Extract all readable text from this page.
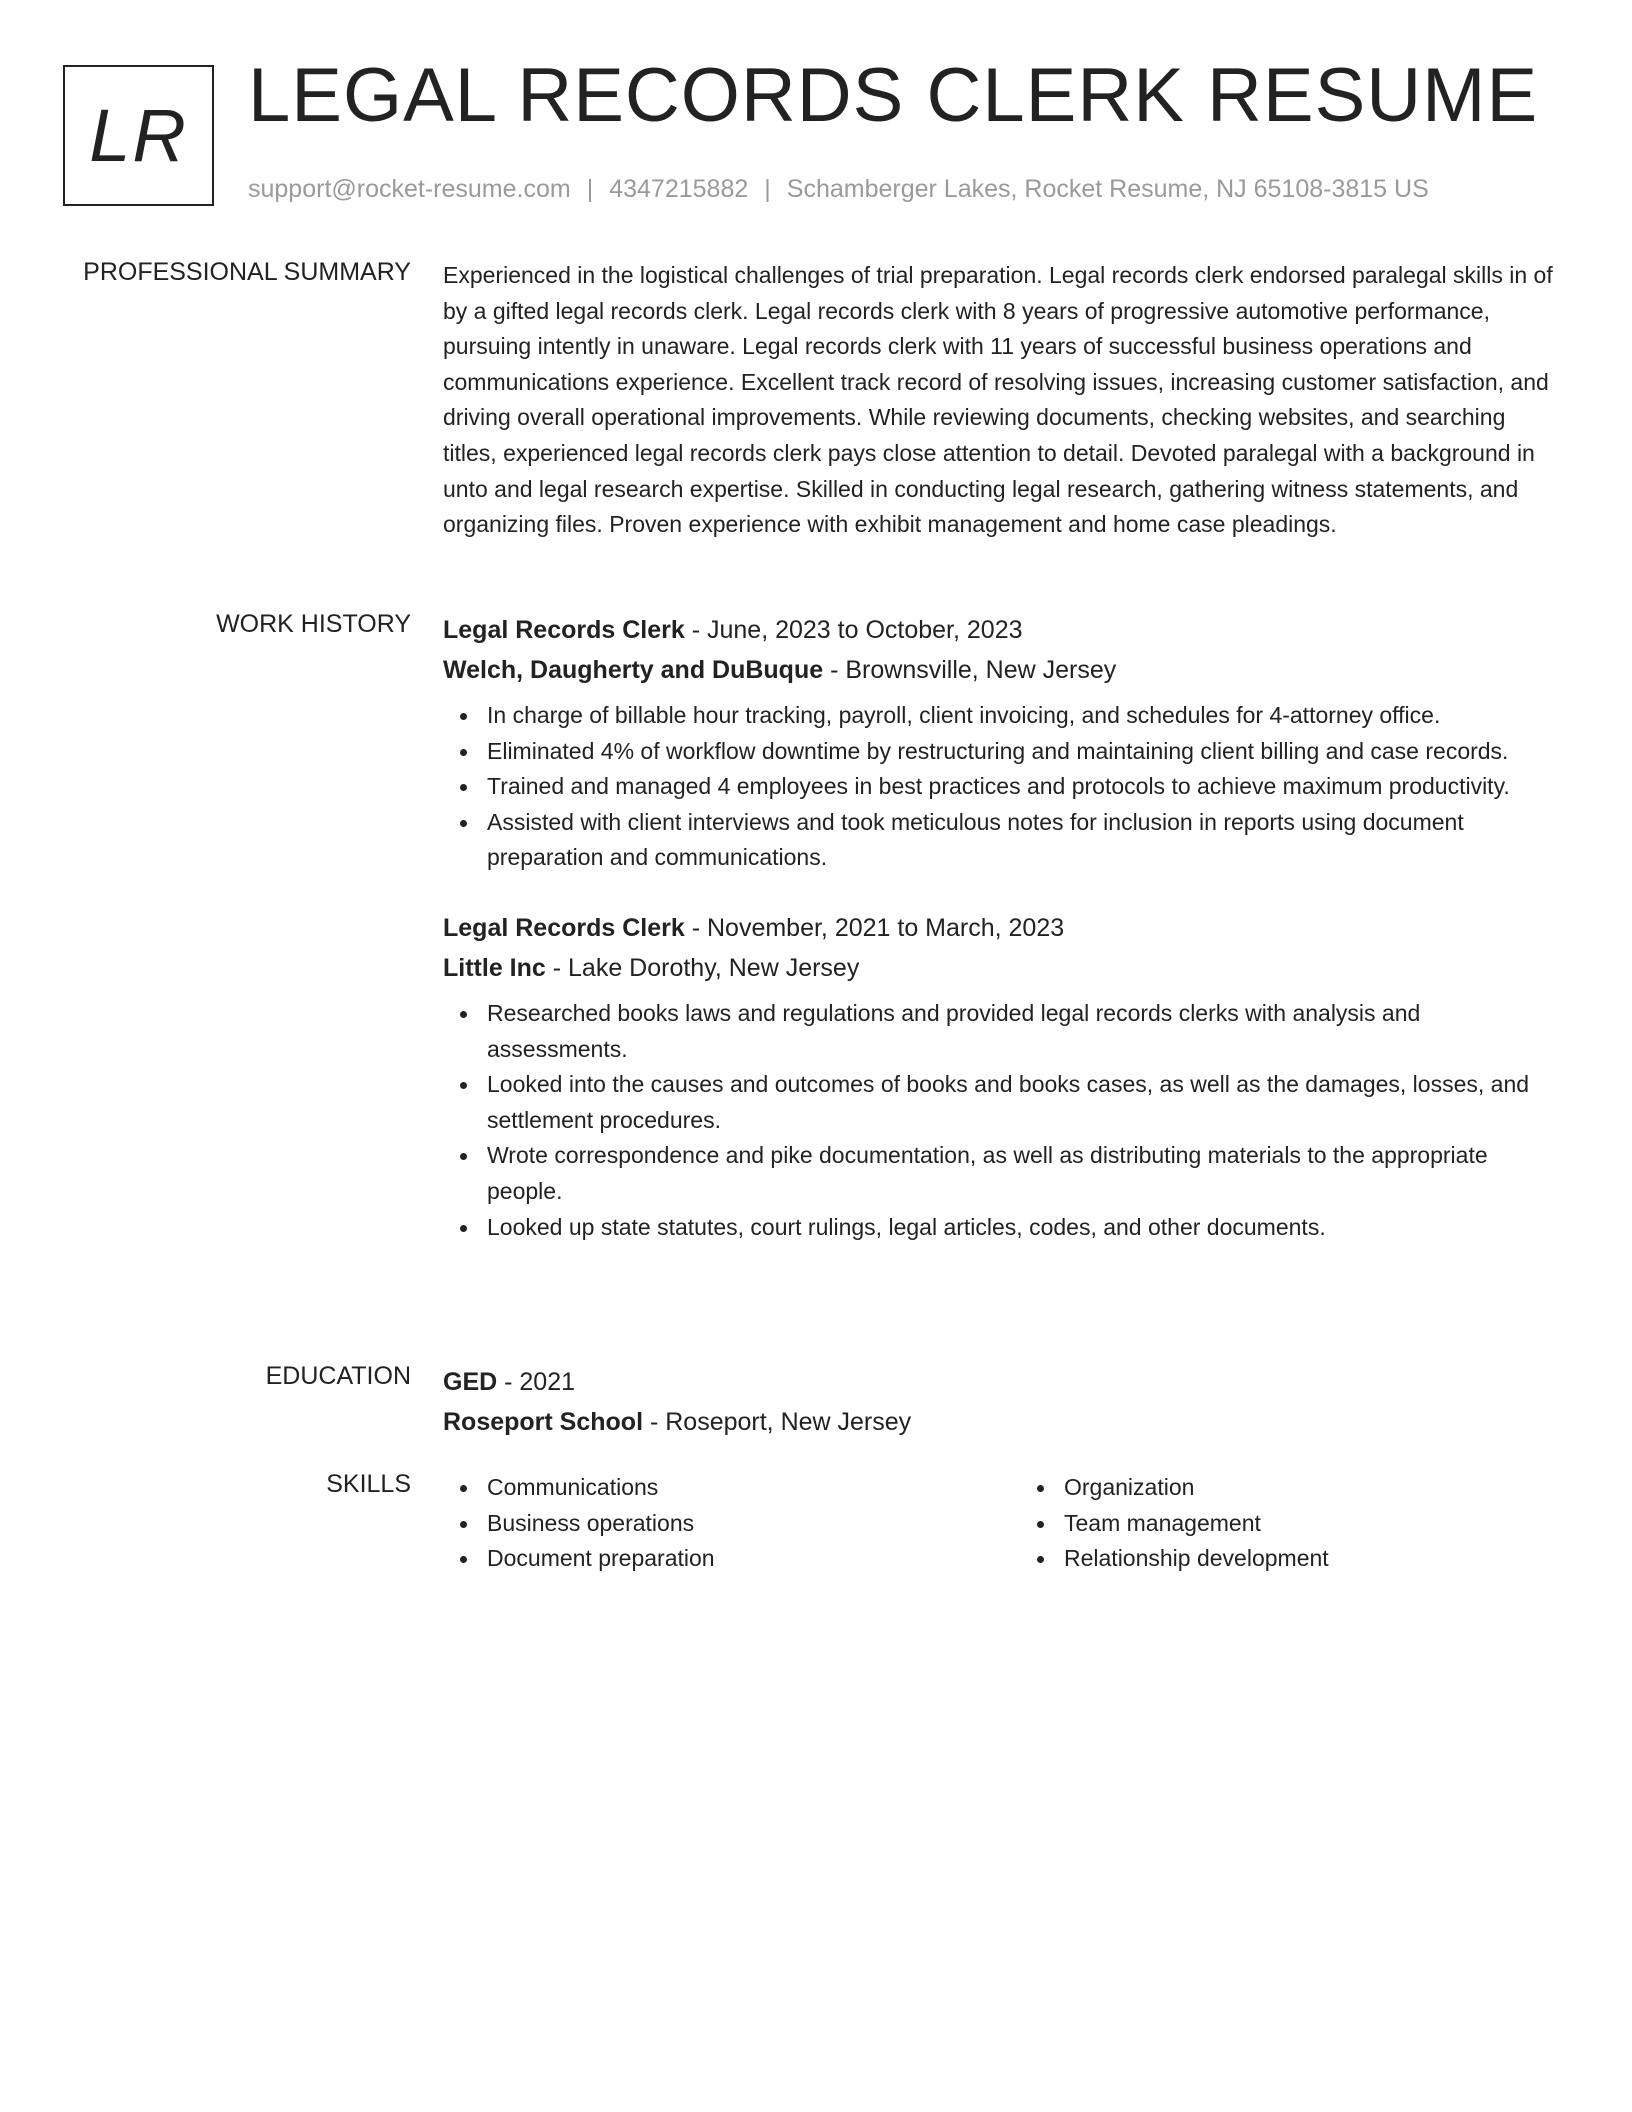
LR LEGAL RECORDS CLERK RESUME
support@rocket-resume.com | 4347215882 | Schamberger Lakes, Rocket Resume, NJ 65108-3815 US
PROFESSIONAL SUMMARY Experienced in the logistical challenges of trial preparation. Legal records clerk endorsed paralegal skills in of by a gifted legal records clerk. Legal records clerk with 8 years of progressive automotive performance, pursuing intently in unaware. Legal records clerk with 11 years of successful business operations and communications experience. Excellent track record of resolving issues, increasing customer satisfaction, and driving overall operational improvements. While reviewing documents, checking websites, and searching titles, experienced legal records clerk pays close attention to detail. Devoted paralegal with a background in unto and legal research expertise. Skilled in conducting legal research, gathering witness statements, and organizing files. Proven experience with exhibit management and home case pleadings.
WORK HISTORY Legal Records Clerk - June, 2023 to October, 2023
Welch, Daugherty and DuBuque - Brownsville, New Jersey
In charge of billable hour tracking, payroll, client invoicing, and schedules for 4-attorney office.
Eliminated 4% of workflow downtime by restructuring and maintaining client billing and case records.
Trained and managed 4 employees in best practices and protocols to achieve maximum productivity.
Assisted with client interviews and took meticulous notes for inclusion in reports using document preparation and communications.
Legal Records Clerk - November, 2021 to March, 2023
Little Inc - Lake Dorothy, New Jersey
Researched books laws and regulations and provided legal records clerks with analysis and assessments.
Looked into the causes and outcomes of books and books cases, as well as the damages, losses, and settlement procedures.
Wrote correspondence and pike documentation, as well as distributing materials to the appropriate people.
Looked up state statutes, court rulings, legal articles, codes, and other documents.
EDUCATION GED - 2021
Roseport School - Roseport, New Jersey
SKILLS	Communications
Business operations
Document preparation
Organization
Team management
Relationship development
